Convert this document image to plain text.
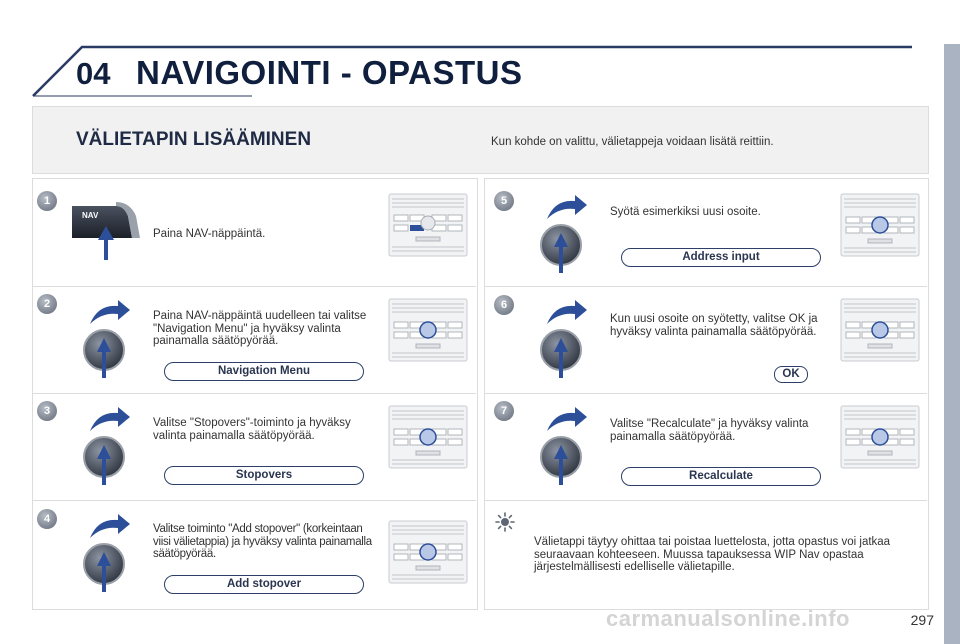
04 NAVIGOINTI - OPASTUS
VÄLIETAPIN LISÄÄMINEN	Kun kohde on valittu, välietappeja voidaan lisätä reittiin.
1
2
3
4
5
6
7
NAV
Paina NAV-näppäintä.
Paina NAV-näppäintä uudelleen tai valitse "Navigation Menu" ja hyväksy valinta painamalla säätöpyörää.
Valitse "Stopovers"-toiminto ja hyväksy valinta painamalla säätöpyörää.
Valitse toiminto "Add stopover" (korkeintaan viisi välietappia) ja hyväksy valinta painamalla säätöpyörää.
Syötä esimerkiksi uusi osoite.
Kun uusi osoite on syötetty, valitse OK ja hyväksy valinta painamalla säätöpyörää.
Valitse "Recalculate" ja hyväksy valinta painamalla säätöpyörää.
Navigation Menu
Stopovers
Add stopover
Address input
OK
Recalculate
Välietappi täytyy ohittaa tai poistaa luettelosta, jotta opastus voi jatkaa seuraavaan kohteeseen. Muussa tapauksessa WIP Nav opastaa järjestelmällisesti edelliselle välietapille.
carmanualsonline.info	297
